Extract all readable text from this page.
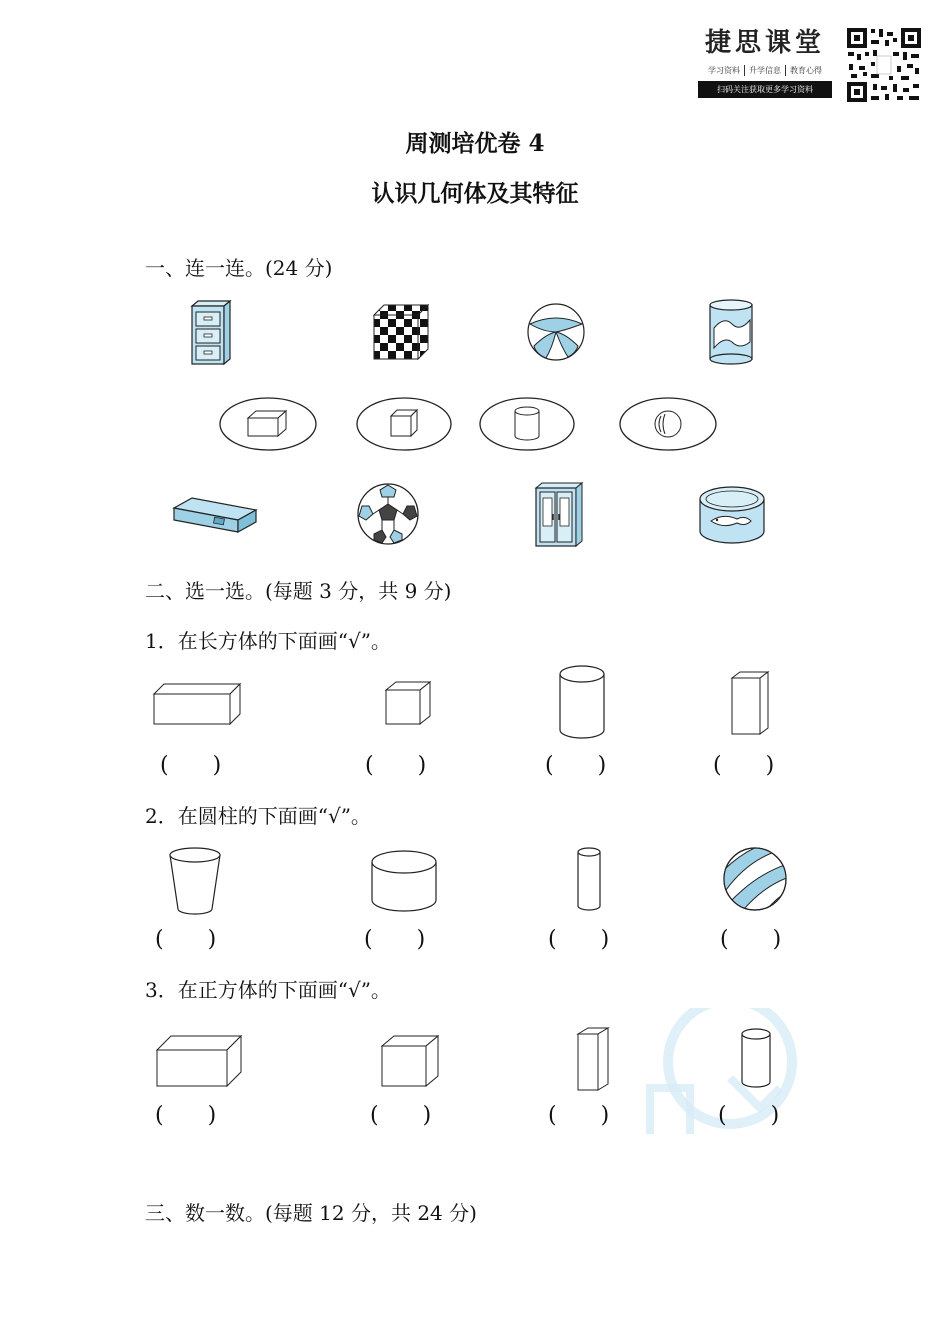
捷思课堂
学习资料	升学信息	教育心得
扫码关注获取更多学习资料
周测培优卷 4
认识几何体及其特征
一、连一连。(24 分)
二、选一选。(每题 3 分，共 9 分)
1．在长方体的下面画“√”。
(　　)	(　　)	(　　)	(　　)
2．在圆柱的下面画“√”。
(　　)	(　　)	(　　)	(　　)
3．在正方体的下面画“√”。
(　　)	(　　)	(　　)	(　　)
三、数一数。(每题 12 分，共 24 分)
